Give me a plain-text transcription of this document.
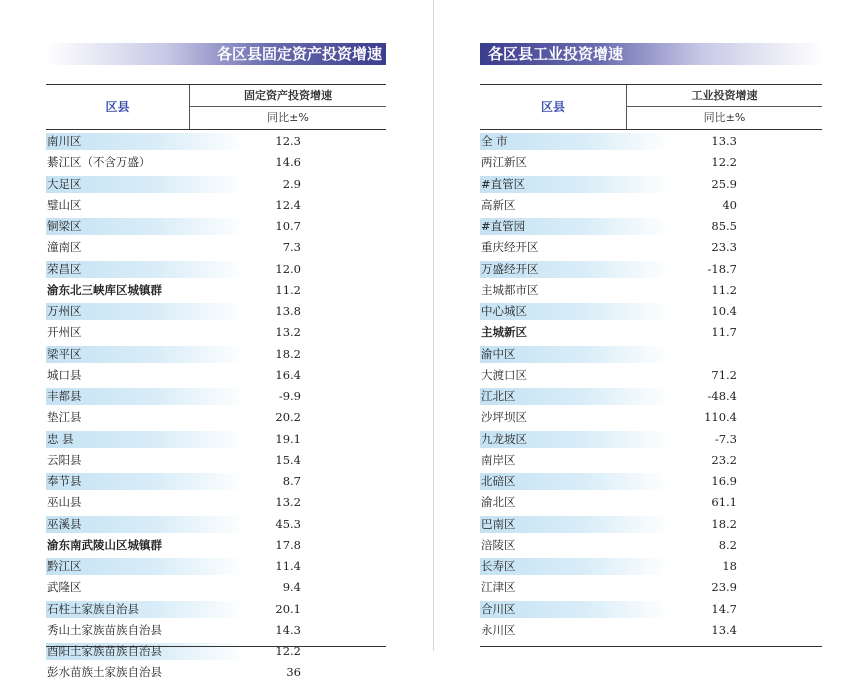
各区县固定资产投资增速
区县
固定资产投资增速
同比±%
南川区	12.3
綦江区（不含万盛）	14.6
大足区	2.9
璧山区	12.4
铜梁区	10.7
潼南区	7.3
荣昌区	12.0
渝东北三峡库区城镇群	11.2
万州区	13.8
开州区	13.2
梁平区	18.2
城口县	16.4
丰都县	-9.9
垫江县	20.2
忠 县	19.1
云阳县	15.4
奉节县	8.7
巫山县	13.2
巫溪县	45.3
渝东南武陵山区城镇群	17.8
黔江区	11.4
武隆区	9.4
石柱土家族自治县	20.1
秀山土家族苗族自治县	14.3
酉阳土家族苗族自治县	12.2
彭水苗族土家族自治县	36
各区县工业投资增速
区县
工业投资增速
同比±%
全 市	13.3
两江新区	12.2
#直管区	25.9
高新区	40
#直管园	85.5
重庆经开区	23.3
万盛经开区	-18.7
主城都市区	11.2
中心城区	10.4
主城新区	11.7
渝中区
大渡口区	71.2
江北区	-48.4
沙坪坝区	110.4
九龙坡区	-7.3
南岸区	23.2
北碚区	16.9
渝北区	61.1
巴南区	18.2
涪陵区	8.2
长寿区	18
江津区	23.9
合川区	14.7
永川区	13.4
